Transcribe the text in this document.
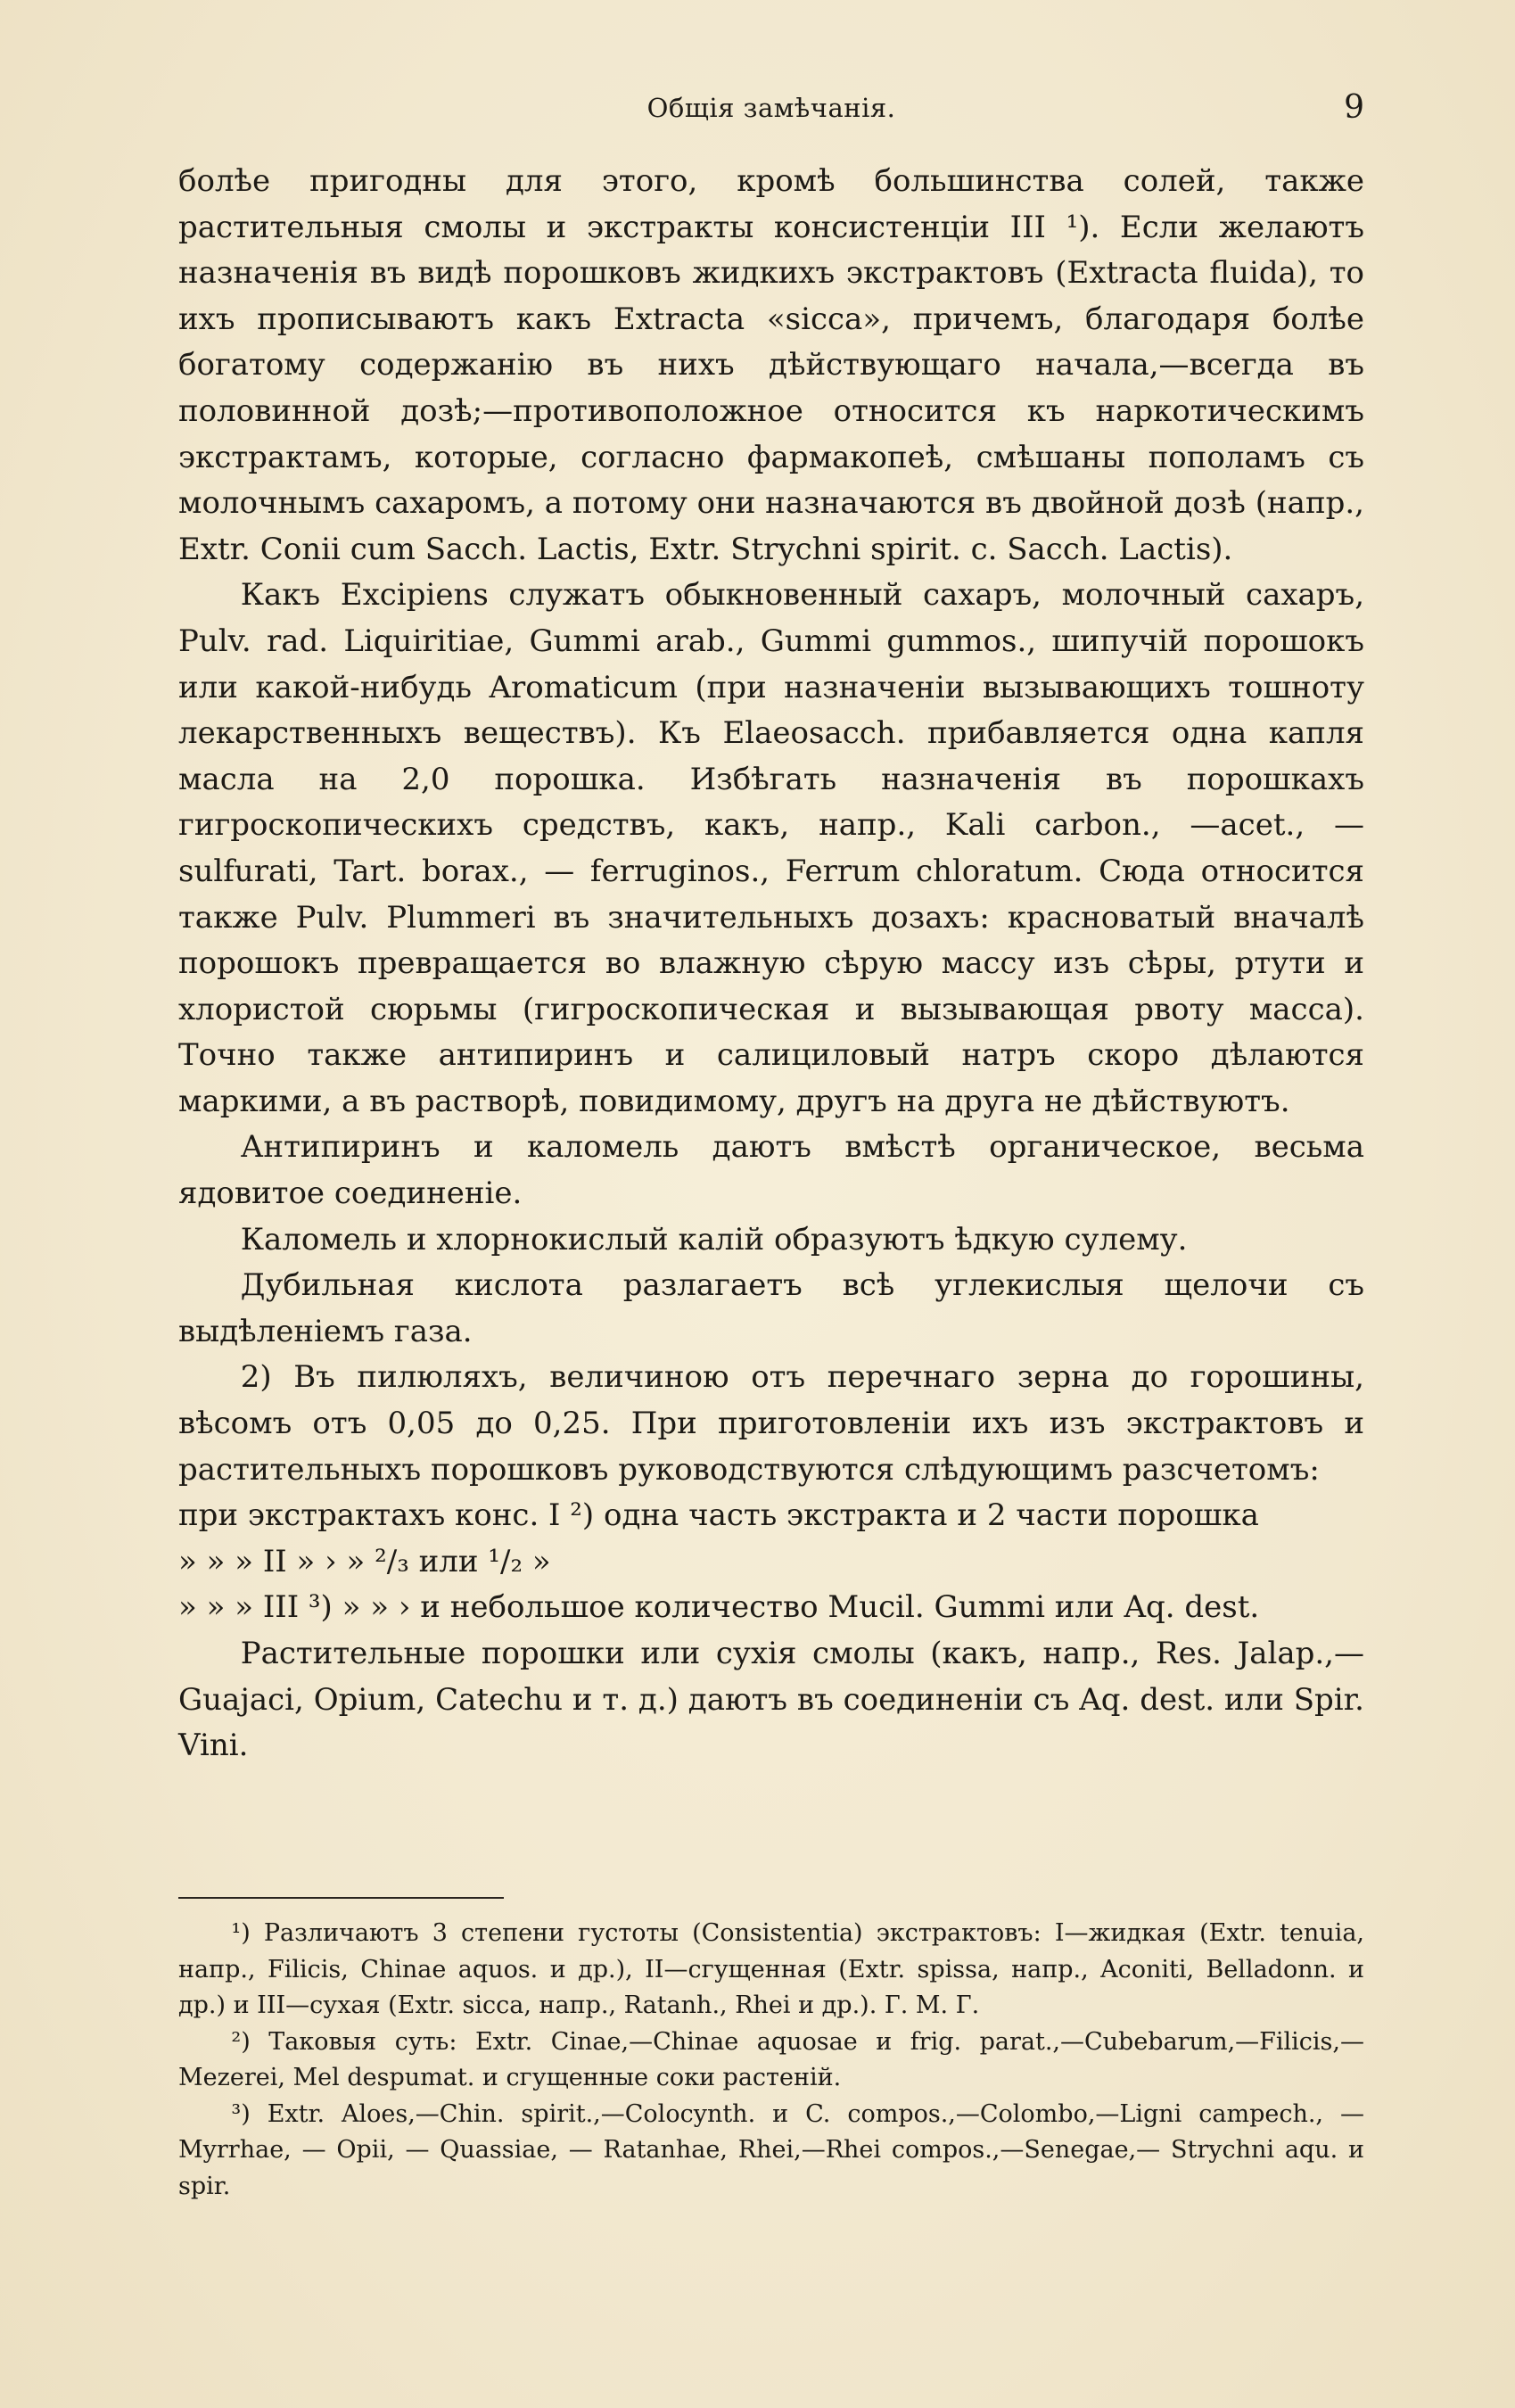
Общія замѣчанія.	9

болѣе пригодны для этого, кромѣ большинства солей, также растительныя смолы и экстракты консистенціи III ¹). Если желаютъ назначенія въ видѣ порошковъ жидкихъ экстрактовъ (Extracta fluida), то ихъ прописываютъ какъ Extracta «sicca», причемъ, благодаря болѣе богатому содержанію въ нихъ дѣйствующаго начала,—всегда въ половинной дозѣ;—противоположное относится къ наркотическимъ экстрактамъ, которые, согласно фармакопеѣ, смѣшаны пополамъ съ молочнымъ сахаромъ, а потому они назначаются въ двойной дозѣ (напр., Extr. Conii cum Sacch. Lactis, Extr. Strychni spirit. c. Sacch. Lactis).

Какъ Excipiens служатъ обыкновенный сахаръ, молочный сахаръ, Pulv. rad. Liquiritiae, Gummi arab., Gummi gummos., шипучій порошокъ или какой-нибудь Aromaticum (при назначеніи вызывающихъ тошноту лекарственныхъ веществъ). Къ Elaeosacch. прибавляется одна капля масла на 2,0 порошка. Избѣгать назначенія въ порошкахъ гигроскопическихъ средствъ, какъ, напр., Kali carbon., —acet., — sulfurati, Tart. borax., — ferruginos., Ferrum chloratum. Сюда относится также Pulv. Plummeri въ значительныхъ дозахъ: красноватый вначалѣ порошокъ превращается во влажную сѣрую массу изъ сѣры, ртути и хлористой сюрьмы (гигроскопическая и вызывающая рвоту масса). Точно также антипиринъ и салициловый натръ скоро дѣлаются маркими, а въ растворѣ, повидимому, другъ на друга не дѣйствуютъ.

Антипиринъ и каломель даютъ вмѣстѣ органическое, весьма ядовитое соединеніе.

Каломель и хлорнокислый калій образуютъ ѣдкую сулему.

Дубильная кислота разлагаетъ всѣ углекислыя щелочи съ выдѣленіемъ газа.

2) Въ пилюляхъ, величиною отъ перечнаго зерна до горошины, вѣсомъ отъ 0,05 до 0,25. При приготовленіи ихъ изъ экстрактовъ и растительныхъ порошковъ руководствуются слѣдующимъ разсчетомъ:

при экстрактахъ конс. I ²) одна часть экстракта и 2 части порошка

» » » II » › » ²/₃ или ¹/₂ »

» » » III ³) » » › и небольшое количество Mucil. Gummi или Aq. dest.

Растительные порошки или сухія смолы (какъ, напр., Res. Jalap.,— Guajaci, Opium, Catechu и т. д.) даютъ въ соединеніи съ Aq. dest. или Spir. Vini.

¹) Различаютъ 3 степени густоты (Consistentia) экстрактовъ: I—жидкая (Extr. tenuia, напр., Filicis, Chinae aquos. и др.), II—сгущенная (Extr. spissa, напр., Aconiti, Belladonn. и др.) и III—сухая (Extr. sicca, напр., Ratanh., Rhei и др.). Г. М. Г.

²) Таковыя суть: Extr. Cinae,—Chinae aquosae и frig. parat.,—Cubebarum,—Filicis,—Mezerei, Mel despumat. и сгущенные соки растеній.

³) Extr. Aloes,—Chin. spirit.,—Colocynth. и C. compos.,—Colombo,—Ligni campech., — Myrrhae, — Opii, — Quassiae, — Ratanhae, Rhei,—Rhei compos.,—Senegae,— Strychni aqu. и spir.
